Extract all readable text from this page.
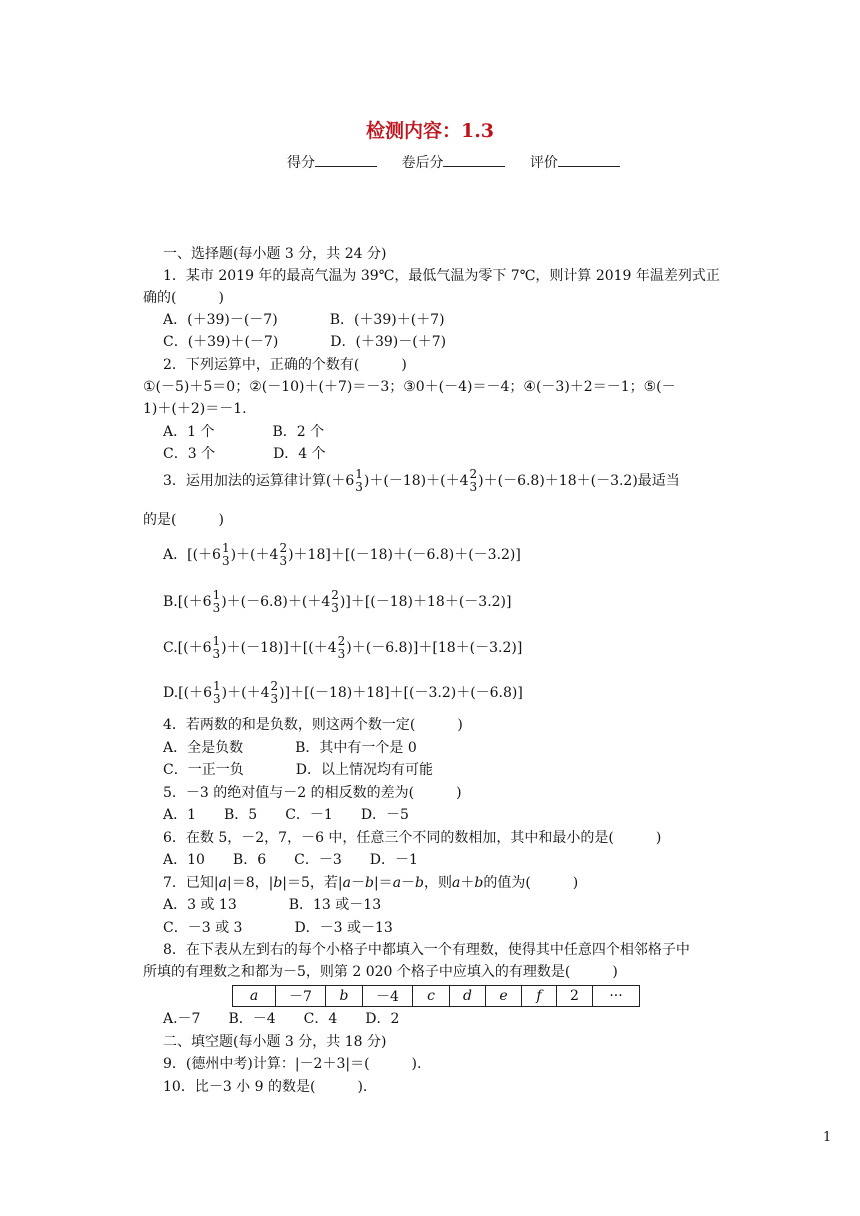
检测内容：1.3
得分	卷后分	评价
一、选择题(每小题 3 分，共 24 分)
1．某市 2019 年的最高气温为 39℃，最低气温为零下 7℃，则计算 2019 年温差列式正
确的(　　　)
A．(＋39)－(－7)	B．(＋39)＋(＋7)
C．(＋39)＋(－7)	D．(＋39)－(＋7)
2．下列运算中，正确的个数有(　　　)
①(－5)＋5＝0；②(－10)＋(＋7)＝－3；③0＋(－4)＝－4；④(－3)＋2＝－1；⑤(－
1)＋(＋2)＝－1.
A．1 个	B．2 个
C．3 个	D．4 个
3．运用加法的运算律计算(＋6 1
3 )＋(－18)＋(＋4 2
3 )＋(－6.8)＋18＋(－3.2)最适当
的是(　　　)
A．[(＋6 1
3 )＋(＋4 2
3 )＋18]＋[(－18)＋(－6.8)＋(－3.2)]
B.[(＋6 1
3 )＋(－6.8)＋(＋4 2
3 )]＋[(－18)＋18＋(－3.2)]
C.[(＋6 1
3 )＋(－18)]＋[(＋4 2
3 )＋(－6.8)]＋[18＋(－3.2)]
D.[(＋6 1
3 )＋(＋4 2
3 )]＋[(－18)＋18]＋[(－3.2)＋(－6.8)]
4．若两数的和是负数，则这两个数一定(　　　)
A．全是负数	B．其中有一个是 0
C．一正一负	D．以上情况均有可能
5．－3 的绝对值与－2 的相反数的差为(　　　)
A．1　　B．5　　C．－1　　D．－5
6．在数 5，－2，7，－6 中，任意三个不同的数相加，其中和最小的是(　　　)
A．10　　B．6　　C．－3　　D．－1
7．已知|a|＝8，|b|＝5，若|a－b|＝a－b，则a＋b的值为(　　　)
A．3 或 13	B．13 或－13
C．－3 或 3	D．－3 或－13
8．在下表从左到右的每个小格子中都填入一个有理数，使得其中任意四个相邻格子中
所填的有理数之和都为－5，则第 2 020 个格子中应填入的有理数是(　　　)
a	－7	b	－4	c	d	e	f	2	···
A.－7　　B．－4　　C．4　　D．2
二、填空题(每小题 3 分，共 18 分)
9．(德州中考)计算：|－2＋3|＝(　　　).
10．比－3 小 9 的数是(　　　).
1
